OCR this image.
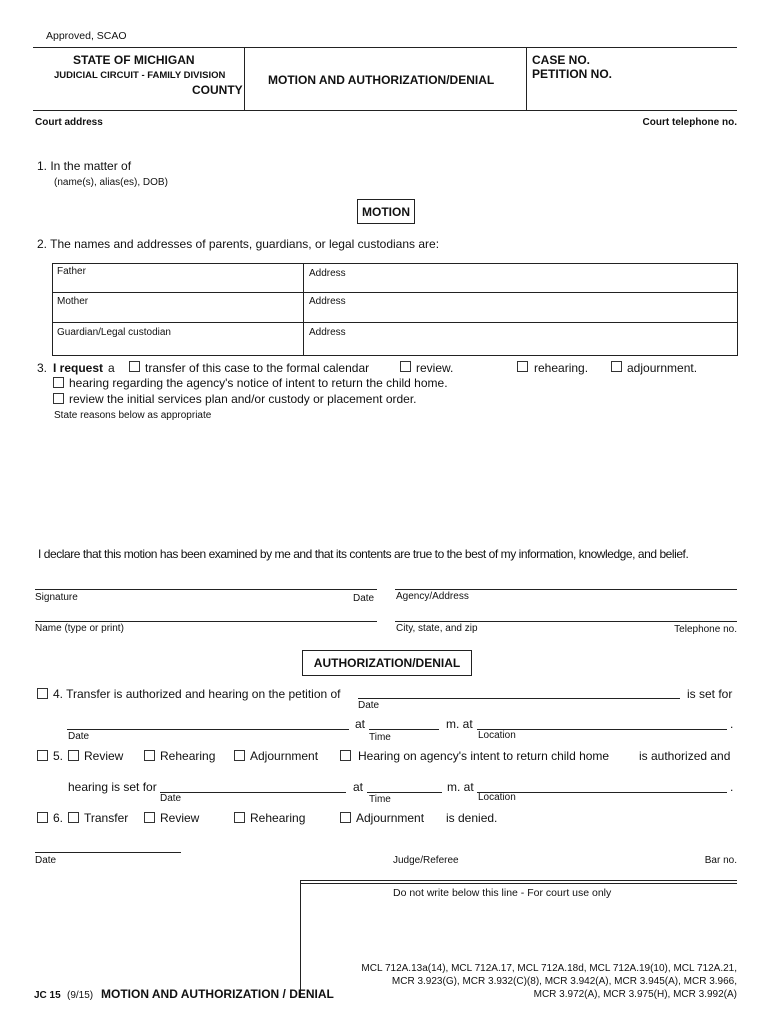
Approved, SCAO
STATE OF MICHIGAN
JUDICIAL CIRCUIT - FAMILY DIVISION
COUNTY
MOTION AND AUTHORIZATION/DENIAL
CASE NO.
PETITION NO.
Court address	Court telephone no.
1. In the matter of
(name(s), alias(es), DOB)
MOTION
2. The names and addresses of parents, guardians, or legal custodians are:
Father	Address
Mother	Address
Guardian/Legal custodian	Address
3. I request a	transfer of this case to the formal calendar	review.	rehearing.	adjournment.
hearing regarding the agency's notice of intent to return the child home.
review the initial services plan and/or custody or placement order.
State reasons below as appropriate
I declare that this motion has been examined by me and that its contents are true to the best of my information, knowledge, and belief.
Signature	Date Agency/Address
Name (type or print)	City, state, and zip	Telephone no.
AUTHORIZATION/DENIAL
4. Transfer is authorized and hearing on the petition of	is set for
Date
at	m. at	.
Date	Time	Location
5. Review	Rehearing	Adjournment	Hearing on agency's intent to return child home is authorized and
hearing is set for	at	m. at	.
Date	Time	Location
6. Transfer	Review	Rehearing	Adjournment is denied.
Date	Judge/Referee	Bar no.
Do not write below this line - For court use only
JC 15 (9/15) MOTION AND AUTHORIZATION / DENIAL
MCL 712A.13a(14), MCL 712A.17, MCL 712A.18d, MCL 712A.19(10), MCL 712A.21,
MCR 3.923(G), MCR 3.932(C)(8), MCR 3.942(A), MCR 3.945(A), MCR 3.966,
MCR 3.972(A), MCR 3.975(H), MCR 3.992(A)
